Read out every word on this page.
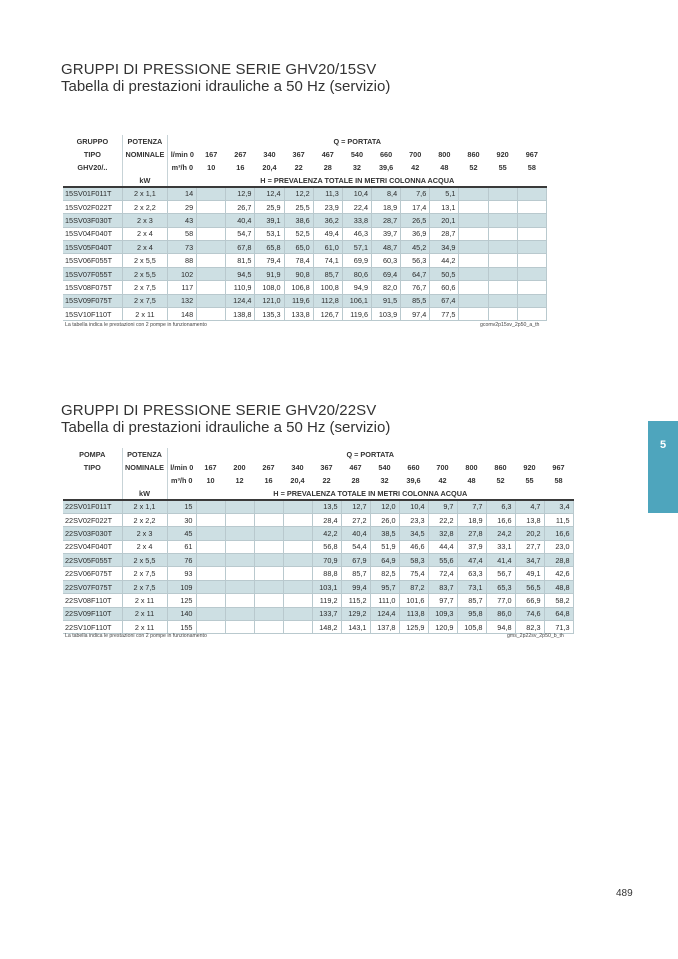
GRUPPI DI PRESSIONE SERIE GHV20/15SV
Tabella di prestazioni idrauliche a 50 Hz (servizio)
GRUPPO	POTENZA	Q = PORTATA												
TIPO	NOMINALE	l/min 0	167	267	340	367	467	540	660	700	800	860	920	967
GHV20/..		m³/h 0	10	16	20,4	22	28	32	39,6	42	48	52	55	58
	kW	H = PREVALENZA TOTALE IN METRI COLONNA ACQUA												
15SV01F011T	2 x 1,1	14		12,9	12,4	12,2	11,3	10,4	8,4	7,6	5,1			
15SV02F022T	2 x 2,2	29		26,7	25,9	25,5	23,9	22,4	18,9	17,4	13,1			
15SV03F030T	2 x 3	43		40,4	39,1	38,6	36,2	33,8	28,7	26,5	20,1			
15SV04F040T	2 x 4	58		54,7	53,1	52,5	49,4	46,3	39,7	36,9	28,7			
15SV05F040T	2 x 4	73		67,8	65,8	65,0	61,0	57,1	48,7	45,2	34,9			
15SV06F055T	2 x 5,5	88		81,5	79,4	78,4	74,1	69,9	60,3	56,3	44,2			
15SV07F055T	2 x 5,5	102		94,5	91,9	90,8	85,7	80,6	69,4	64,7	50,5			
15SV08F075T	2 x 7,5	117		110,9	108,0	106,8	100,8	94,9	82,0	76,7	60,6			
15SV09F075T	2 x 7,5	132		124,4	121,0	119,6	112,8	106,1	91,5	85,5	67,4			
15SV10F110T	2 x 11	148		138,8	135,3	133,8	126,7	119,6	103,9	97,4	77,5			
La tabella indica le prestazioni con 2 pompe in funzionamento	gcomv2p15sv_2p50_a_th
GRUPPI DI PRESSIONE SERIE GHV20/22SV
Tabella di prestazioni idrauliche a 50 Hz (servizio)
POMPA	POTENZA	Q = PORTATA													
TIPO	NOMINALE	l/min 0	167	200	267	340	367	467	540	660	700	800	860	920	967
		m³/h 0	10	12	16	20,4	22	28	32	39,6	42	48	52	55	58
	kW	H = PREVALENZA TOTALE IN METRI COLONNA ACQUA													
22SV01F011T	2 x 1,1	15					13,5	12,7	12,0	10,4	9,7	7,7	6,3	4,7	3,4
22SV02F022T	2 x 2,2	30					28,4	27,2	26,0	23,3	22,2	18,9	16,6	13,8	11,5
22SV03F030T	2 x 3	45					42,2	40,4	38,5	34,5	32,8	27,8	24,2	20,2	16,6
22SV04F040T	2 x 4	61					56,8	54,4	51,9	46,6	44,4	37,9	33,1	27,7	23,0
22SV05F055T	2 x 5,5	76					70,9	67,9	64,9	58,3	55,6	47,4	41,4	34,7	28,8
22SV06F075T	2 x 7,5	93					88,8	85,7	82,5	75,4	72,4	63,3	56,7	49,1	42,6
22SV07F075T	2 x 7,5	109					103,1	99,4	95,7	87,2	83,7	73,1	65,3	56,5	48,8
22SV08F110T	2 x 11	125					119,2	115,2	111,0	101,6	97,7	85,7	77,0	66,9	58,2
22SV09F110T	2 x 11	140					133,7	129,2	124,4	113,8	109,3	95,8	86,0	74,6	64,8
22SV10F110T	2 x 11	155					148,2	143,1	137,8	125,9	120,9	105,8	94,8	82,3	71,3
La tabella indica le prestazioni con 2 pompe in funzionamento	gms_2p22sv_2p50_b_th
5
489
